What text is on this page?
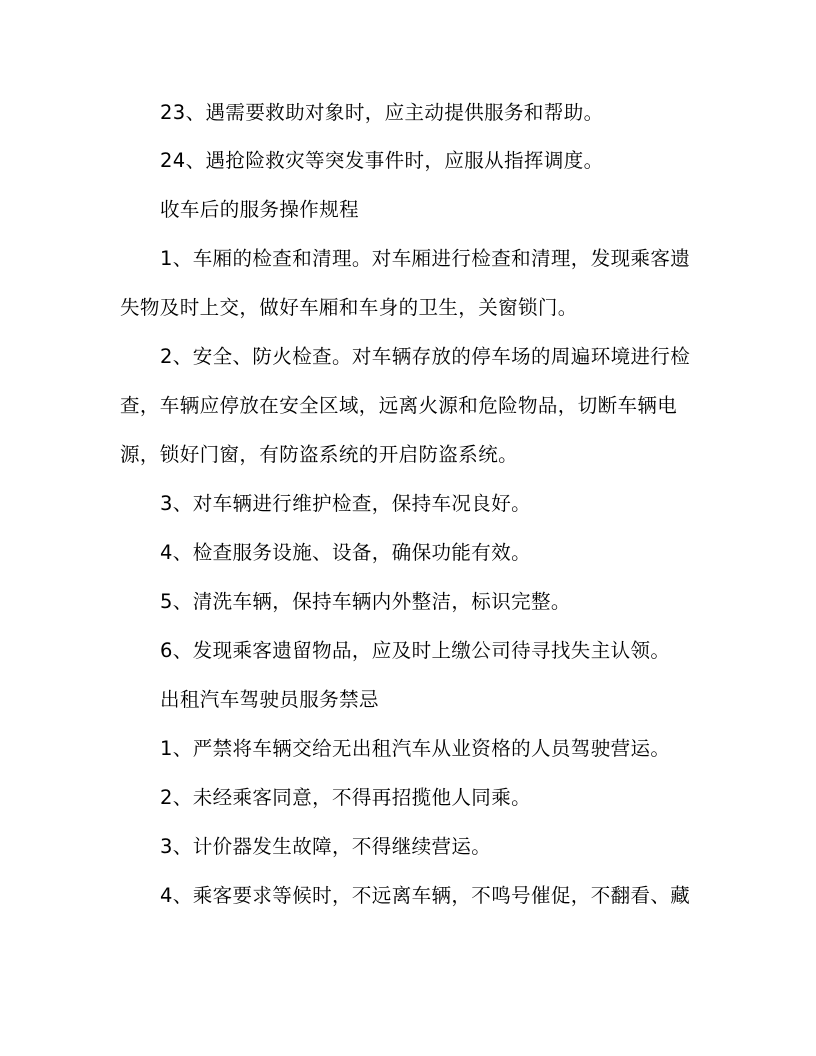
23、遇需要救助对象时，应主动提供服务和帮助。
24、遇抢险救灾等突发事件时，应服从指挥调度。
收车后的服务操作规程
1、车厢的检查和清理。对车厢进行检查和清理，发现乘客遗
失物及时上交，做好车厢和车身的卫生，关窗锁门。
2、安全、防火检查。对车辆存放的停车场的周遍环境进行检
查，车辆应停放在安全区域，远离火源和危险物品，切断车辆电
源，锁好门窗，有防盗系统的开启防盗系统。
3、对车辆进行维护检查，保持车况良好。
4、检查服务设施、设备，确保功能有效。
5、清洗车辆，保持车辆内外整洁，标识完整。
6、发现乘客遗留物品，应及时上缴公司待寻找失主认领。
出租汽车驾驶员服务禁忌
1、严禁将车辆交给无出租汽车从业资格的人员驾驶营运。
2、未经乘客同意，不得再招揽他人同乘。
3、计价器发生故障，不得继续营运。
4、乘客要求等候时，不远离车辆，不鸣号催促，不翻看、藏
